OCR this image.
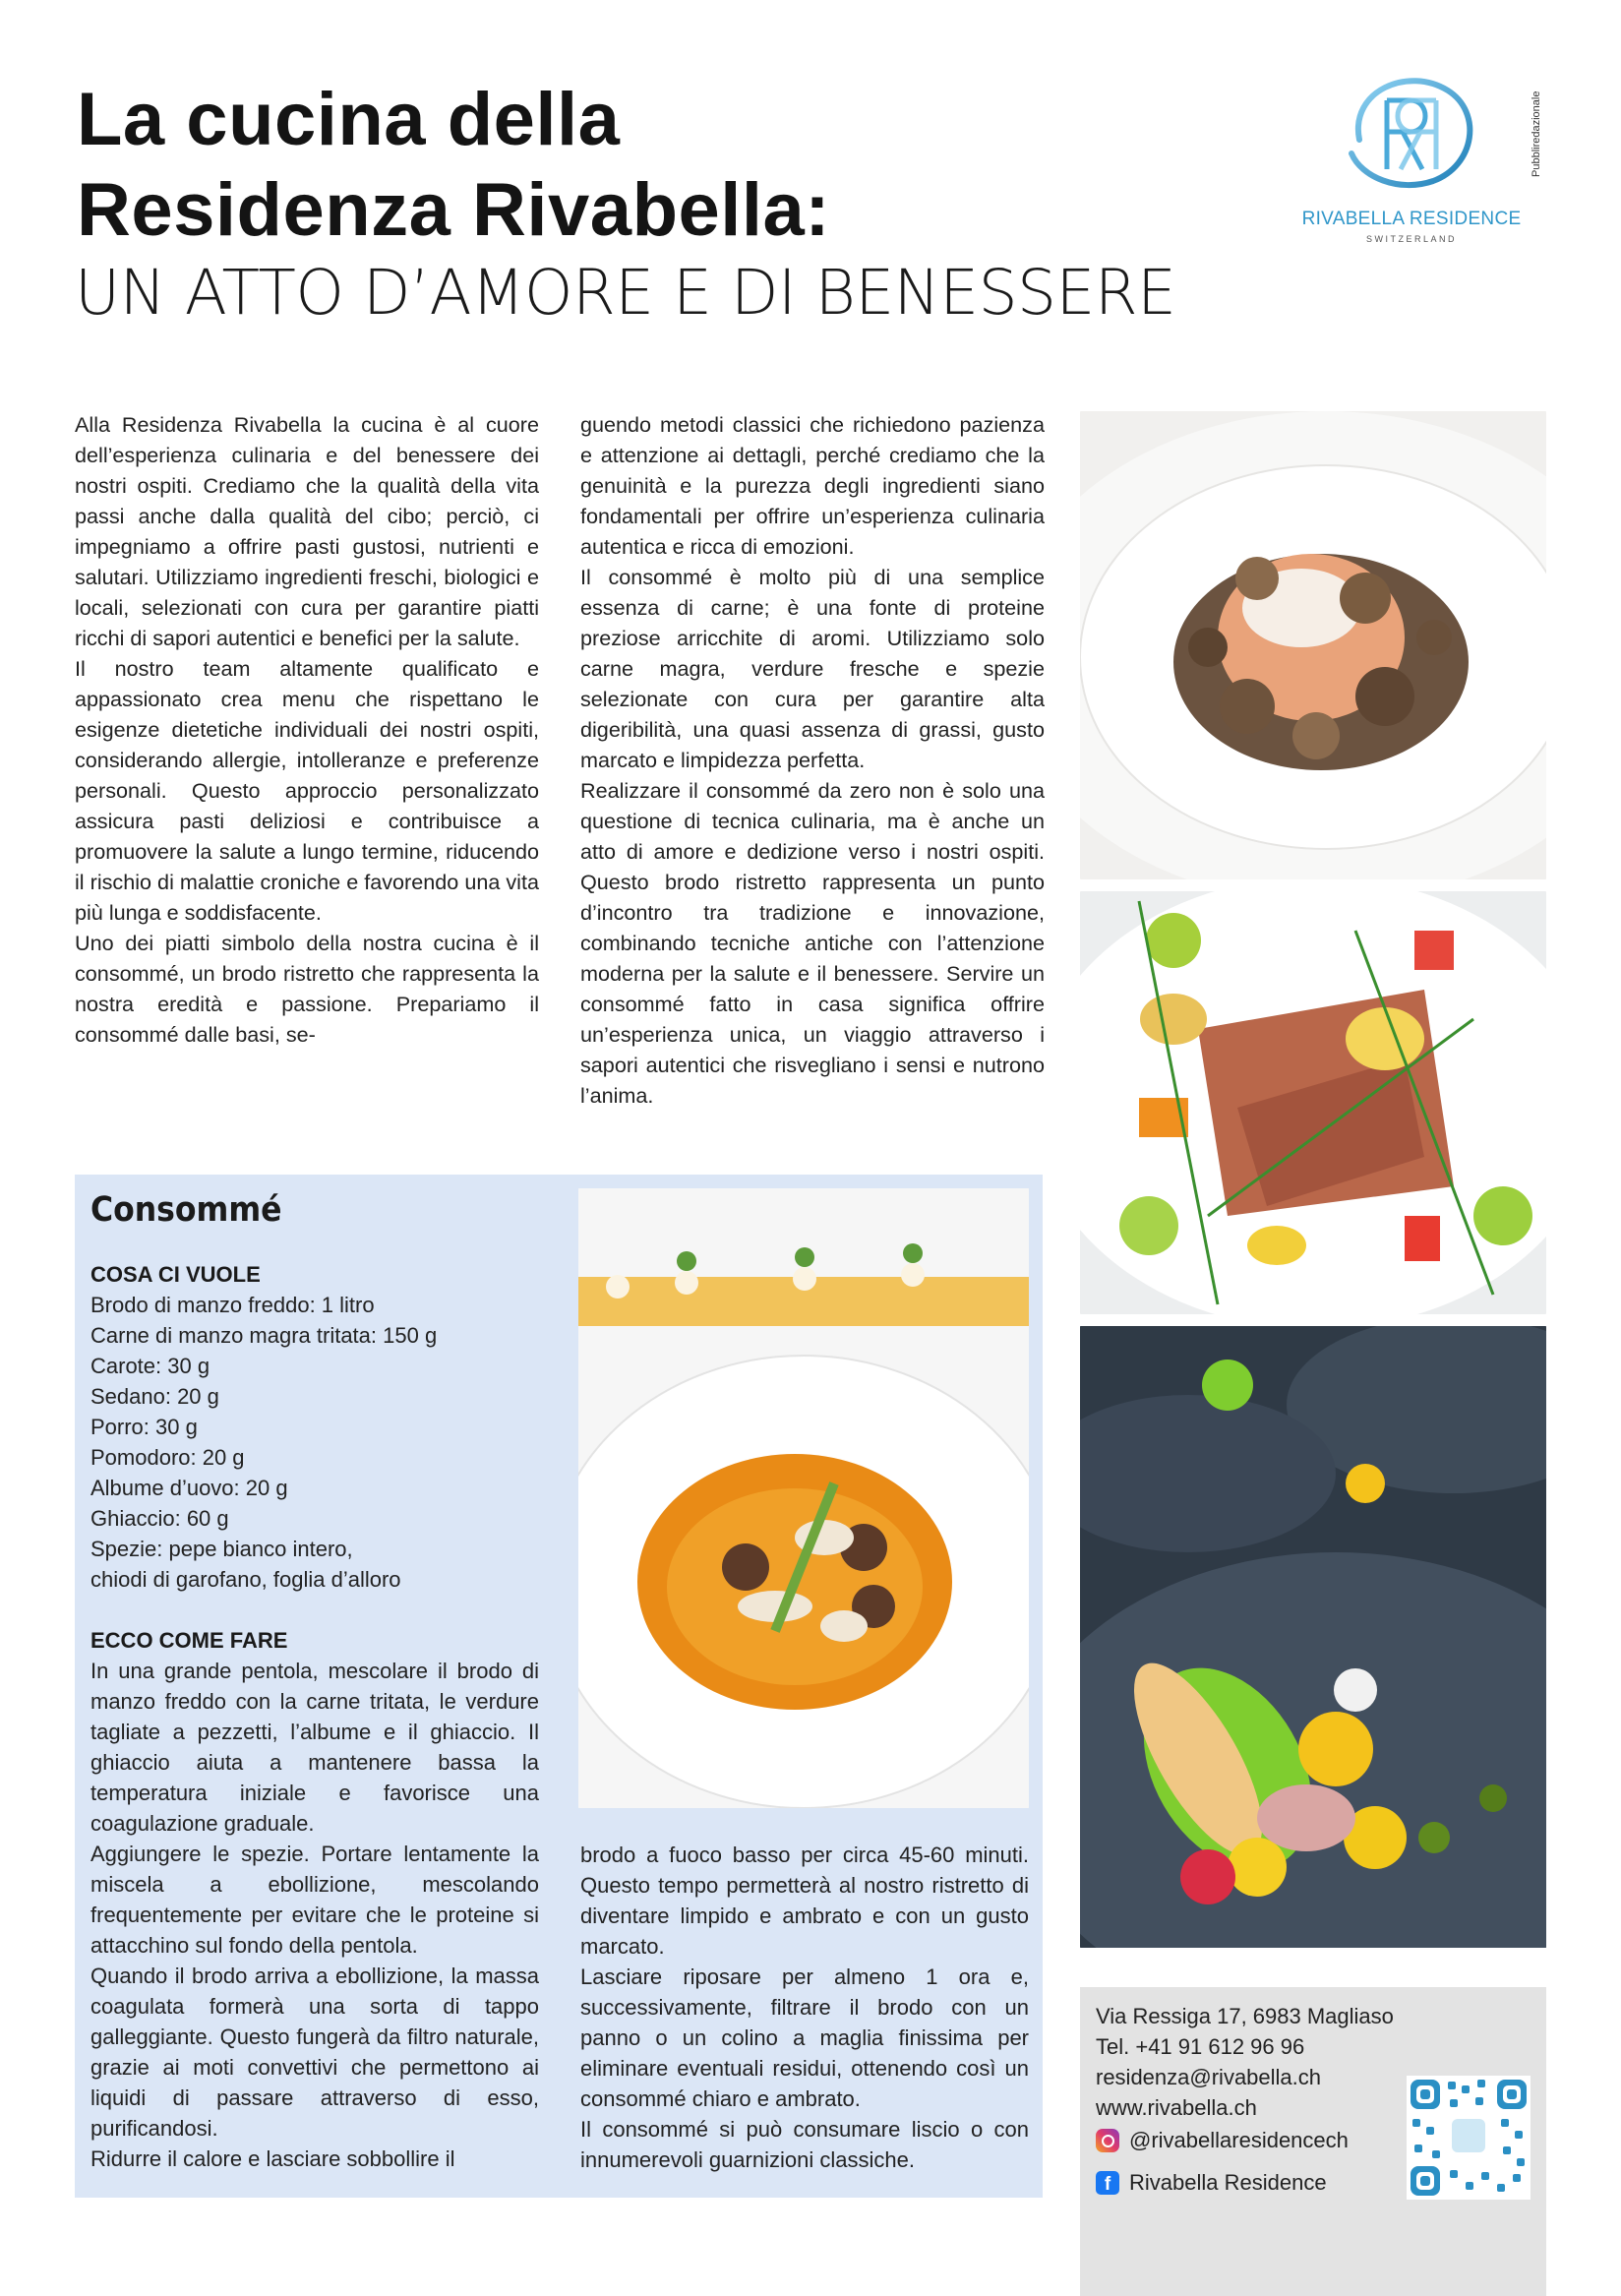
La cucina della
Residenza Rivabella:
UN ATTO D’AMORE E DI BENESSERE
Pubbliredazionale
RIVABELLA RESIDENCE
SWITZERLAND

Alla Residenza Rivabella la cucina è al cuore dell’esperienza culinaria e del benessere dei nostri ospiti. Crediamo che la qualità della vita passi anche dalla qualità del cibo; perciò, ci impegniamo a offrire pasti gustosi, nutrienti e salutari. Utilizziamo ingredienti freschi, biologici e locali, selezionati con cura per garantire piatti ricchi di sapori autentici e benefici per la salute.

Il nostro team altamente qualificato e appassionato crea menu che rispettano le esigenze dietetiche individuali dei nostri ospiti, considerando allergie, intolleranze e preferenze personali. Questo approccio personalizzato assicura pasti deliziosi e contribuisce a promuovere la salute a lungo termine, riducendo il rischio di malattie croniche e favorendo una vita più lunga e soddisfacente.

Uno dei piatti simbolo della nostra cucina è il consommé, un brodo ristretto che rappresenta la nostra eredità e passione. Prepariamo il consommé dalle basi, se-

guendo metodi classici che richiedono pazienza e attenzione ai dettagli, perché crediamo che la genuinità e la purezza degli ingredienti siano fondamentali per offrire un’esperienza culinaria autentica e ricca di emozioni.

Il consommé è molto più di una semplice essenza di carne; è una fonte di proteine preziose arricchite di aromi. Utilizziamo solo carne magra, verdure fresche e spezie selezionate con cura per garantire alta digeribilità, una quasi assenza di grassi, gusto marcato e limpidezza perfetta.

Realizzare il consommé da zero non è solo una questione di tecnica culinaria, ma è anche un atto di amore e dedizione verso i nostri ospiti. Questo brodo ristretto rappresenta un punto d’incontro tra tradizione e innovazione, combinando tecniche antiche con l’attenzione moderna per la salute e il benessere. Servire un consommé fatto in casa significa offrire un’esperienza unica, un viaggio attraverso i sapori autentici che risvegliano i sensi e nutrono l’anima.

Consommé
COSA CI VUOLE
Brodo di manzo freddo: 1 litro
Carne di manzo magra tritata: 150 g
Carote: 30 g
Sedano: 20 g
Porro: 30 g
Pomodoro: 20 g
Albume d’uovo: 20 g
Ghiaccio: 60 g
Spezie: pepe bianco intero,
chiodi di garofano, foglia d’alloro
ECCO COME FARE
In una grande pentola, mescolare il brodo di manzo freddo con la carne tritata, le verdure tagliate a pezzetti, l’albume e il ghiaccio. Il ghiaccio aiuta a mantenere bassa la temperatura iniziale e favorisce una coagulazione graduale.
Aggiungere le spezie. Portare lentamente la miscela a ebollizione, mescolando frequentemente per evitare che le proteine si attacchino sul fondo della pentola.
Quando il brodo arriva a ebollizione, la massa coagulata formerà una sorta di tappo galleggiante. Questo fungerà da filtro naturale, grazie ai moti convettivi che permettono ai liquidi di passare attraverso di esso, purificandosi.
Ridurre il calore e lasciare sobbollire il
brodo a fuoco basso per circa 45-60 minuti. Questo tempo permetterà al nostro ristretto di diventare limpido e ambrato e con un gusto marcato.
Lasciare riposare per almeno 1 ora e, successivamente, filtrare il brodo con un panno o un colino a maglia finissima per eliminare eventuali residui, ottenendo così un consommé chiaro e ambrato.
Il consommé si può consumare liscio o con innumerevoli guarnizioni classiche.
Via Ressiga 17, 6983 Magliaso
Tel. +41 91 612 96 96
residenza@rivabella.ch
www.rivabella.ch
@rivabellaresidencech
f Rivabella Residence
